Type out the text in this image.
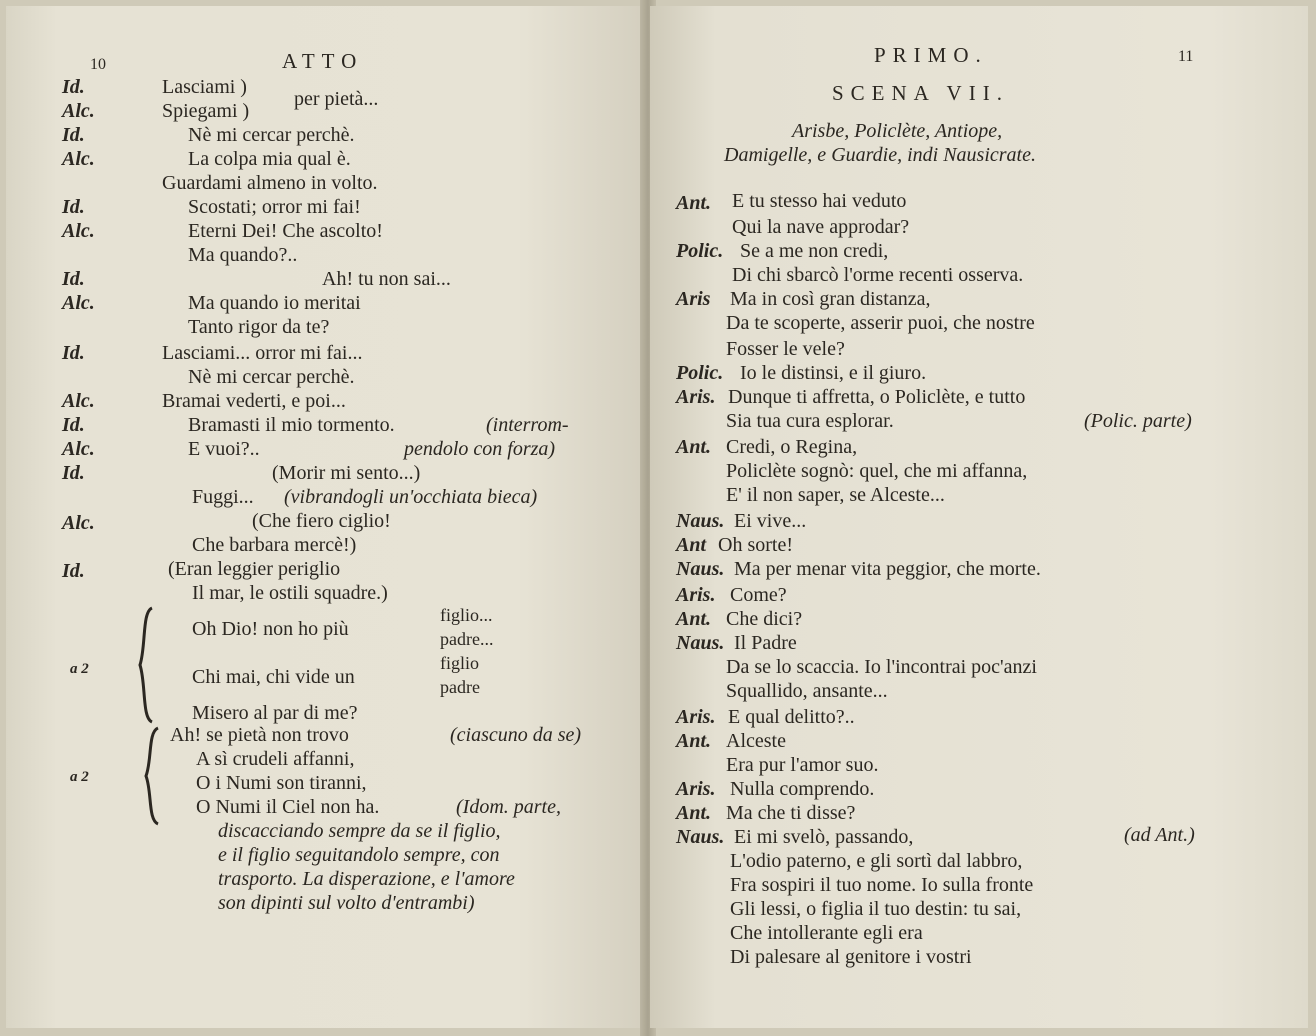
10	ATTO
Id.	Lasciami )
Alc.	Spiegami )
per pietà...
Id.	Nè mi cercar perchè.
Alc.	La colpa mia qual è.
Guardami almeno in volto.
Id.	Scostati; orror mi fai!
Alc.	Eterni Dei! Che ascolto!
Ma quando?..
Id.	Ah! tu non sai...
Alc.	Ma quando io meritai
Tanto rigor da te?
Id.	Lasciami... orror mi fai...
Nè mi cercar perchè.
Alc.	Bramai vederti, e poi...
Id.	Bramasti il mio tormento.	(interrom-
Alc.	E vuoi?..	pendolo con forza)
Id.	(Morir mi sento...)
Fuggi... (vibrandogli un'occhiata bieca)
Alc.	(Che fiero ciglio!
Che barbara mercè!)
Id.	(Eran leggier periglio
Il mar, le ostili squadre.)
a 2
Oh Dio! non ho più
figlio...
padre...
Chi mai, chi vide un
figlio
padre
Misero al par di me?
a 2
Ah! se pietà non trovo	(ciascuno da se)
A sì crudeli affanni,
O i Numi son tiranni,
O Numi il Ciel non ha.	(Idom. parte,
discacciando sempre da se il figlio,
e il figlio seguitandolo sempre, con
trasporto. La disperazione, e l'amore
son dipinti sul volto d'entrambi)
PRIMO.	11
SCENA VII.
Arisbe, Policlète, Antiope,
Damigelle, e Guardie, indi Nausicrate.
Ant. E tu stesso hai veduto
Qui la nave approdar?
Polic. Se a me non credi,
Di chi sbarcò l'orme recenti osserva.
Aris Ma in così gran distanza,
Da te scoperte, asserir puoi, che nostre
Fosser le vele?
Polic. Io le distinsi, e il giuro.
Aris. Dunque ti affretta, o Policlète, e tutto
Sia tua cura esplorar.	(Polic. parte)
Ant. Credi, o Regina,
Policlète sognò: quel, che mi affanna,
E' il non saper, se Alceste...
Naus. Ei vive...
Ant Oh sorte!
Naus. Ma per menar vita peggior, che morte.
Aris. Come?
Ant. Che dici?
Naus. Il Padre
Da se lo scaccia. Io l'incontrai poc'anzi
Squallido, ansante...
Aris. E qual delitto?..
Ant. Alceste
Era pur l'amor suo.
Aris. Nulla comprendo.
Ant. Ma che ti disse?
Naus. Ei mi svelò, passando,	(ad Ant.)
L'odio paterno, e gli sortì dal labbro,
Fra sospiri il tuo nome. Io sulla fronte
Gli lessi, o figlia il tuo destin: tu sai,
Che intollerante egli era
Di palesare al genitore i vostri
